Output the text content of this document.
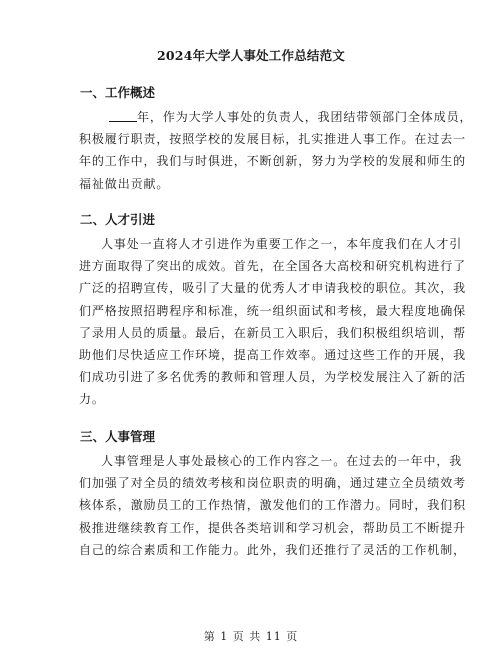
2024年大学人事处工作总结范文
一、工作概述
年，作为大学人事处的负责人，我团结带领部门全体成员，
积极履行职责，按照学校的发展目标，扎实推进人事工作。在过去一
年的工作中，我们与时俱进，不断创新，努力为学校的发展和师生的
福祉做出贡献。
二、人才引进
人事处一直将人才引进作为重要工作之一，本年度我们在人才引
进方面取得了突出的成效。首先，在全国各大高校和研究机构进行了
广泛的招聘宣传，吸引了大量的优秀人才申请我校的职位。其次，我
们严格按照招聘程序和标准，统一组织面试和考核，最大程度地确保
了录用人员的质量。最后，在新员工入职后，我们积极组织培训，帮
助他们尽快适应工作环境，提高工作效率。通过这些工作的开展，我
们成功引进了多名优秀的教师和管理人员，为学校发展注入了新的活
力。
三、人事管理
人事管理是人事处最核心的工作内容之一。在过去的一年中，我
们加强了对全员的绩效考核和岗位职责的明确，通过建立全员绩效考
核体系，激励员工的工作热情，激发他们的工作潜力。同时，我们积
极推进继续教育工作，提供各类培训和学习机会，帮助员工不断提升
自己的综合素质和工作能力。此外，我们还推行了灵活的工作机制，
第 1 页 共 11 页
